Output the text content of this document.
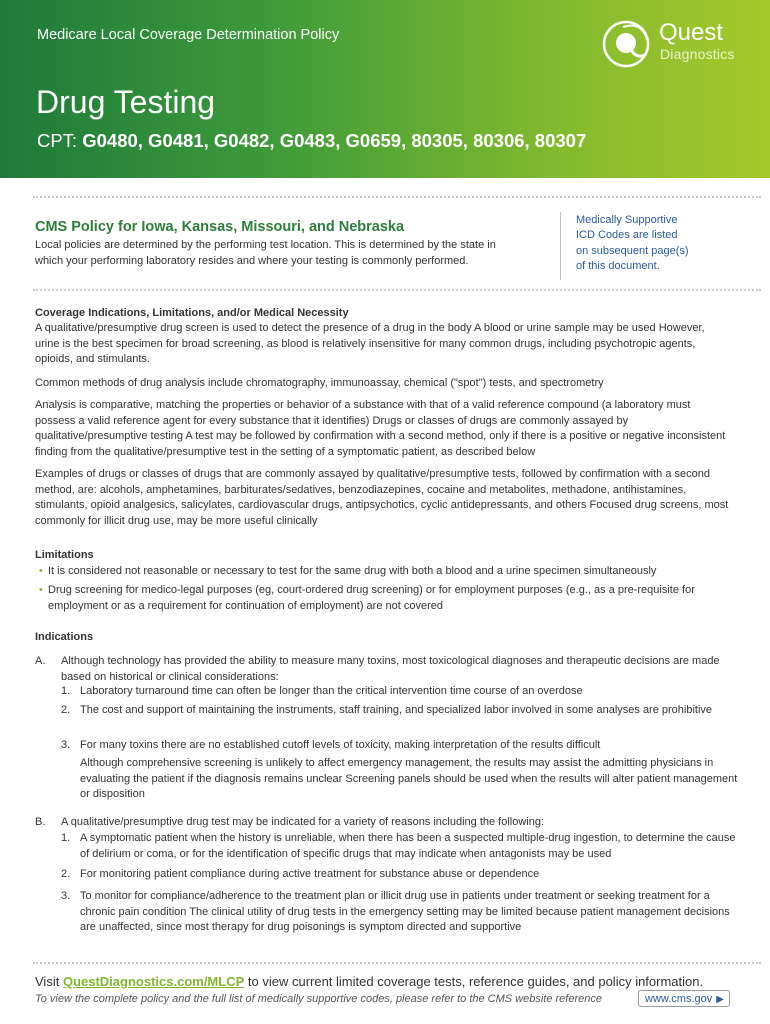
Medicare Local Coverage Determination Policy
Drug Testing
CPT: G0480, G0481, G0482, G0483, G0659, 80305, 80306, 80307
Quest
Diagnostics
CMS Policy for Iowa, Kansas, Missouri, and Nebraska
Local policies are determined by the performing test location. This is determined by the state in which your performing laboratory resides and where your testing is commonly performed.
Medically Supportive
ICD Codes are listed
on subsequent page(s)
of this document.
Coverage Indications, Limitations, and/or Medical Necessity
A qualitative/presumptive drug screen is used to detect the presence of a drug in the body A blood or urine sample may be used However, urine is the best specimen for broad screening, as blood is relatively insensitive for many common drugs, including psychotropic agents, opioids, and stimulants.
Common methods of drug analysis include chromatography, immunoassay, chemical ("spot") tests, and spectrometry
Analysis is comparative, matching the properties or behavior of a substance with that of a valid reference compound (a laboratory must possess a valid reference agent for every substance that it identifies) Drugs or classes of drugs are commonly assayed by qualitative/presumptive testing A test may be followed by confirmation with a second method, only if there is a positive or negative inconsistent finding from the qualitative/presumptive test in the setting of a symptomatic patient, as described below
Examples of drugs or classes of drugs that are commonly assayed by qualitative/presumptive tests, followed by confirmation with a second method, are: alcohols, amphetamines, barbiturates/sedatives, benzodiazepines, cocaine and metabolites, methadone, antihistamines, stimulants, opioid analgesics, salicylates, cardiovascular drugs, antipsychotics, cyclic antidepressants, and others Focused drug screens, most commonly for illicit drug use, may be more useful clinically
Limitations
• It is considered not reasonable or necessary to test for the same drug with both a blood and a urine specimen simultaneously
• Drug screening for medico-legal purposes (eg, court-ordered drug screening) or for employment purposes (e.g., as a pre-requisite for employment or as a requirement for continuation of employment) are not covered
Indications
A. Although technology has provided the ability to measure many toxins, most toxicological diagnoses and therapeutic decisions are made based on historical or clinical considerations:
1. Laboratory turnaround time can often be longer than the critical intervention time course of an overdose
2. The cost and support of maintaining the instruments, staff training, and specialized labor involved in some analyses are prohibitive
3. For many toxins there are no established cutoff levels of toxicity, making interpretation of the results difficult
Although comprehensive screening is unlikely to affect emergency management, the results may assist the admitting physicians in evaluating the patient if the diagnosis remains unclear Screening panels should be used when the results will alter patient management or disposition
B. A qualitative/presumptive drug test may be indicated for a variety of reasons including the following:
1. A symptomatic patient when the history is unreliable, when there has been a suspected multiple-drug ingestion, to determine the cause of delirium or coma, or for the identification of specific drugs that may indicate when antagonists may be used
2. For monitoring patient compliance during active treatment for substance abuse or dependence
3. To monitor for compliance/adherence to the treatment plan or illicit drug use in patients under treatment or seeking treatment for a chronic pain condition The clinical utility of drug tests in the emergency setting may be limited because patient management decisions are unaffected, since most therapy for drug poisonings is symptom directed and supportive
Visit QuestDiagnostics.com/MLCP to view current limited coverage tests, reference guides, and policy information.
To view the complete policy and the full list of medically supportive codes, please refer to the CMS website reference	www.cms.gov ▶
